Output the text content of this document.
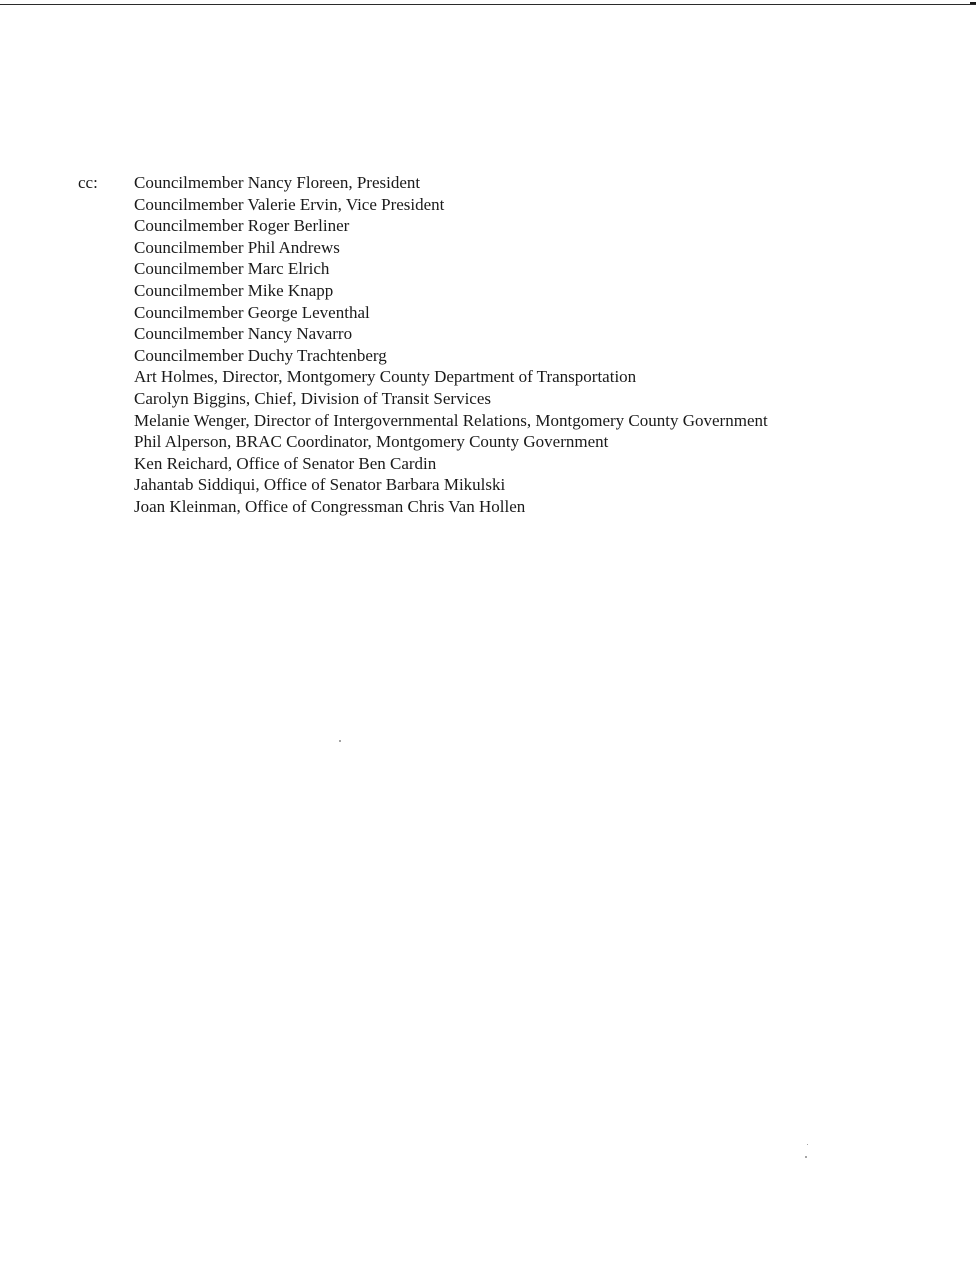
cc: Councilmember Nancy Floreen, President
Councilmember Valerie Ervin, Vice President
Councilmember Roger Berliner
Councilmember Phil Andrews
Councilmember Marc Elrich
Councilmember Mike Knapp
Councilmember George Leventhal
Councilmember Nancy Navarro
Councilmember Duchy Trachtenberg
Art Holmes, Director, Montgomery County Department of Transportation
Carolyn Biggins, Chief, Division of Transit Services
Melanie Wenger, Director of Intergovernmental Relations, Montgomery County Government
Phil Alperson, BRAC Coordinator, Montgomery County Government
Ken Reichard, Office of Senator Ben Cardin
Jahantab Siddiqui, Office of Senator Barbara Mikulski
Joan Kleinman, Office of Congressman Chris Van Hollen
